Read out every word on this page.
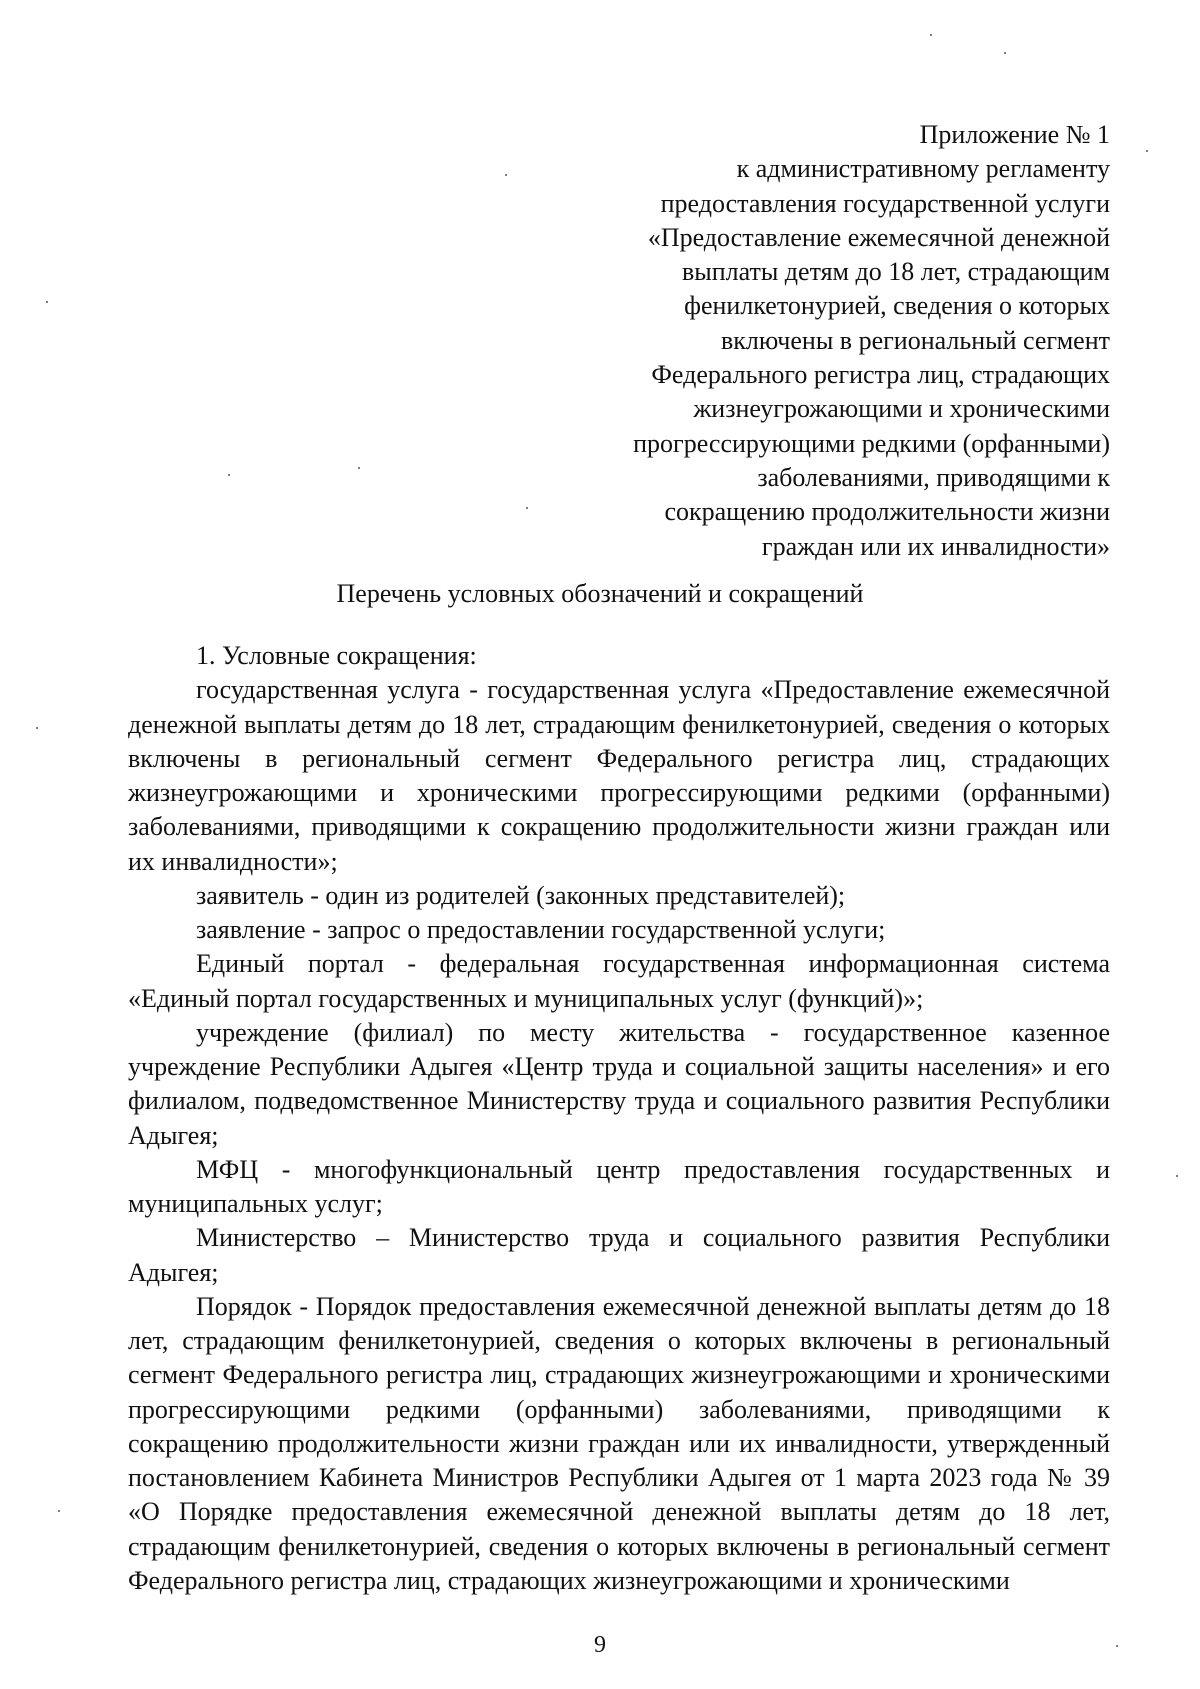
Приложение № 1
к административному регламенту
предоставления государственной услуги
«Предоставление ежемесячной денежной
выплаты детям до 18 лет, страдающим
фенилкетонурией, сведения о которых
включены в региональный сегмент
Федерального регистра лиц, страдающих
жизнеугрожающими и хроническими
прогрессирующими редкими (орфанными)
заболеваниями, приводящими к
сокращению продолжительности жизни
граждан или их инвалидности»
Перечень условных обозначений и сокращений
1. Условные сокращения:

государственная услуга - государственная услуга «Предоставление ежемесячной денежной выплаты детям до 18 лет, страдающим фенилкетонурией, сведения о которых включены в региональный сегмент Федерального регистра лиц, страдающих жизнеугрожающими и хроническими прогрессирующими редкими (орфанными) заболеваниями, приводящими к сокращению продолжительности жизни граждан или их инвалидности»;

заявитель - один из родителей (законных представителей);

заявление - запрос о предоставлении государственной услуги;

Единый портал - федеральная государственная информационная система «Единый портал государственных и муниципальных услуг (функций)»;

учреждение (филиал) по месту жительства - государственное казенное учреждение Республики Адыгея «Центр труда и социальной защиты населения» и его филиалом, подведомственное Министерству труда и социального развития Республики Адыгея;

МФЦ - многофункциональный центр предоставления государственных и муниципальных услуг;

Министерство – Министерство труда и социального развития Республики Адыгея;

Порядок - Порядок предоставления ежемесячной денежной выплаты детям до 18 лет, страдающим фенилкетонурией, сведения о которых включены в региональный сегмент Федерального регистра лиц, страдающих жизнеугрожающими и хроническими прогрессирующими редкими (орфанными) заболеваниями, приводящими к сокращению продолжительности жизни граждан или их инвалидности, утвержденный постановлением Кабинета Министров Республики Адыгея от 1 марта 2023 года № 39 «О Порядке предоставления ежемесячной денежной выплаты детям до 18 лет, страдающим фенилкетонурией, сведения о которых включены в региональный сегмент Федерального регистра лиц, страдающих жизнеугрожающими и хроническими

9
